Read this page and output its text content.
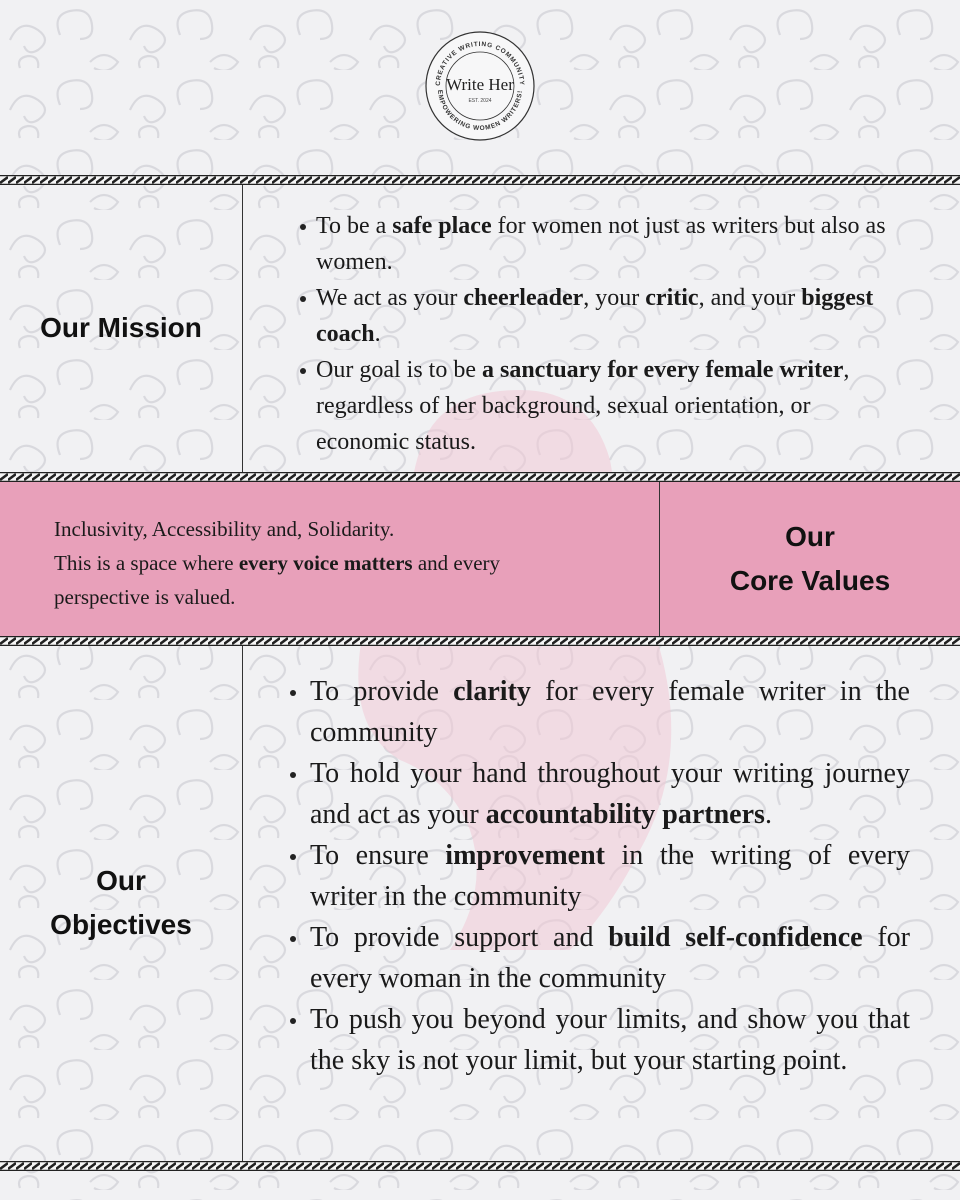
CREATIVE WRITING COMMUNITY
EMPOWERING WOMEN WRITERS!
Write Her
EST. 2024
Our Mission
To be a safe place for women not just as writers but also as women.
We act as your cheerleader, your critic, and your biggest coach.
Our goal is to be a sanctuary for every female writer, regardless of her background, sexual orientation, or economic status.
Inclusivity, Accessibility and, Solidarity.
This is a space where every voice matters and every perspective is valued.
Our
Core Values
Our
Objectives
To provide clarity for every female writer in the community
To hold your hand throughout your writing journey and act as your accountability partners.
To ensure improvement in the writing of every writer in the community
To provide support and build self-confidence for every woman in the community
To push you beyond your limits, and show you that the sky is not your limit, but your starting point.
